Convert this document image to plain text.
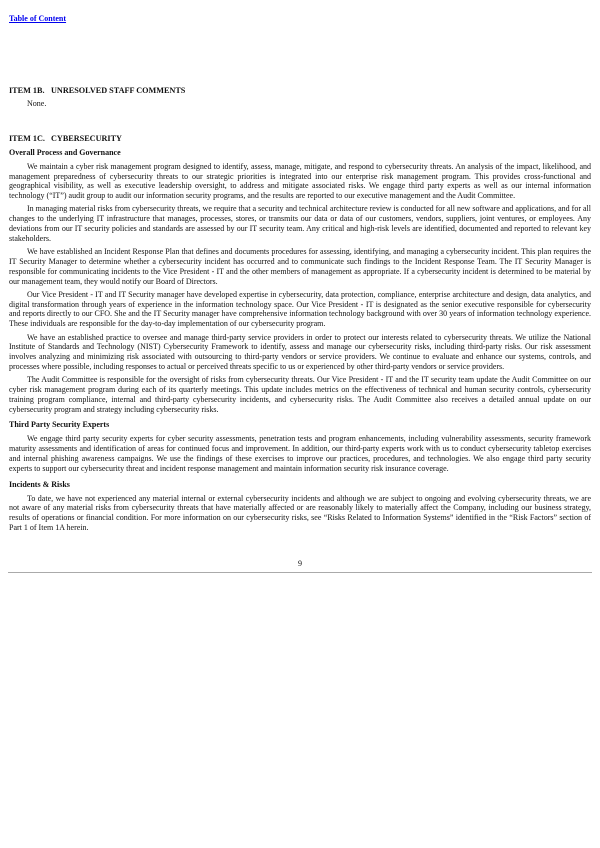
Table of Content
ITEM 1B. UNRESOLVED STAFF COMMENTS

None.

ITEM 1C. CYBERSECURITY
Overall Process and Governance

We maintain a cyber risk management program designed to identify, assess, manage, mitigate, and respond to cybersecurity threats. An analysis of the impact, likelihood, and management preparedness of cybersecurity threats to our strategic priorities is integrated into our enterprise risk management program. This provides cross-functional and geographical visibility, as well as executive leadership oversight, to address and mitigate associated risks. We engage third party experts as well as our internal information technology (“IT”) audit group to audit our information security programs, and the results are reported to our executive management and the Audit Committee.

In managing material risks from cybersecurity threats, we require that a security and technical architecture review is conducted for all new software and applications, and for all changes to the underlying IT infrastructure that manages, processes, stores, or transmits our data or data of our customers, vendors, suppliers, joint ventures, or employees. Any deviations from our IT security policies and standards are assessed by our IT security team. Any critical and high-risk levels are identified, documented and reported to relevant key stakeholders.

We have established an Incident Response Plan that defines and documents procedures for assessing, identifying, and managing a cybersecurity incident. This plan requires the IT Security Manager to determine whether a cybersecurity incident has occurred and to communicate such findings to the Incident Response Team. The IT Security Manager is responsible for communicating incidents to the Vice President - IT and the other members of management as appropriate. If a cybersecurity incident is determined to be material by our management team, they would notify our Board of Directors.

Our Vice President - IT and IT Security manager have developed expertise in cybersecurity, data protection, compliance, enterprise architecture and design, data analytics, and digital transformation through years of experience in the information technology space. Our Vice President - IT is designated as the senior executive responsible for cybersecurity and reports directly to our CFO. She and the IT Security manager have comprehensive information technology background with over 30 years of information technology experience. These individuals are responsible for the day-to-day implementation of our cybersecurity program.

We have an established practice to oversee and manage third-party service providers in order to protect our interests related to cybersecurity threats. We utilize the National Institute of Standards and Technology (NIST) Cybersecurity Framework to identify, assess and manage our cybersecurity risks, including third-party risks. Our risk assessment involves analyzing and minimizing risk associated with outsourcing to third-party vendors or service providers. We continue to evaluate and enhance our systems, controls, and processes where possible, including responses to actual or perceived threats specific to us or experienced by other third-party vendors or service providers.

The Audit Committee is responsible for the oversight of risks from cybersecurity threats. Our Vice President - IT and the IT security team update the Audit Committee on our cyber risk management program during each of its quarterly meetings. This update includes metrics on the effectiveness of technical and human security controls, cybersecurity training program compliance, internal and third-party cybersecurity incidents, and cybersecurity risks. The Audit Committee also receives a detailed annual update on our cybersecurity program and strategy including cybersecurity risks.

Third Party Security Experts

We engage third party security experts for cyber security assessments, penetration tests and program enhancements, including vulnerability assessments, security framework maturity assessments and identification of areas for continued focus and improvement. In addition, our third-party experts work with us to conduct cybersecurity tabletop exercises and internal phishing awareness campaigns. We use the findings of these exercises to improve our practices, procedures, and technologies. We also engage third party security experts to support our cybersecurity threat and incident response management and maintain information security risk insurance coverage.

Incidents & Risks

To date, we have not experienced any material internal or external cybersecurity incidents and although we are subject to ongoing and evolving cybersecurity threats, we are not aware of any material risks from cybersecurity threats that have materially affected or are reasonably likely to materially affect the Company, including our business strategy, results of operations or financial condition. For more information on our cybersecurity risks, see “Risks Related to Information Systems” identified in the “Risk Factors” section of Part 1 of Item 1A herein.

9
